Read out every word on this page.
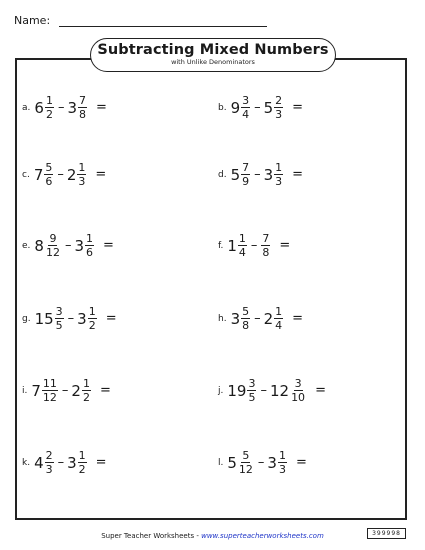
Name:
Subtracting Mixed Numbers
with Unlike Denominators
a. $6 \frac{1}{2} - 3 \frac{7}{8}$ =	b. $9 \frac{3}{4} - 5 \frac{2}{3}$ =
c. $7 \frac{5}{6} - 2 \frac{1}{3}$ =	d. $5 \frac{7}{9} - 3 \frac{1}{3}$ =
e. $8 \frac{9}{12} - 3 \frac{1}{6}$ =	f. $1 \frac{1}{4} - \frac{7}{8}$ =
g. $15 \frac{3}{5} - 3 \frac{1}{2}$ =	h. $3 \frac{5}{8} - 2 \frac{1}{4}$ =
i. $7 \frac{11}{12} - 2 \frac{1}{2}$ =	j. $19 \frac{3}{5} - 12 \frac{3}{10}$ =
k. $4 \frac{2}{3} - 3 \frac{1}{2}$ =	l. $5 \frac{5}{12} - 3 \frac{1}{3}$ =
Super Teacher Worksheets - www.superteacherworksheets.com	399998
